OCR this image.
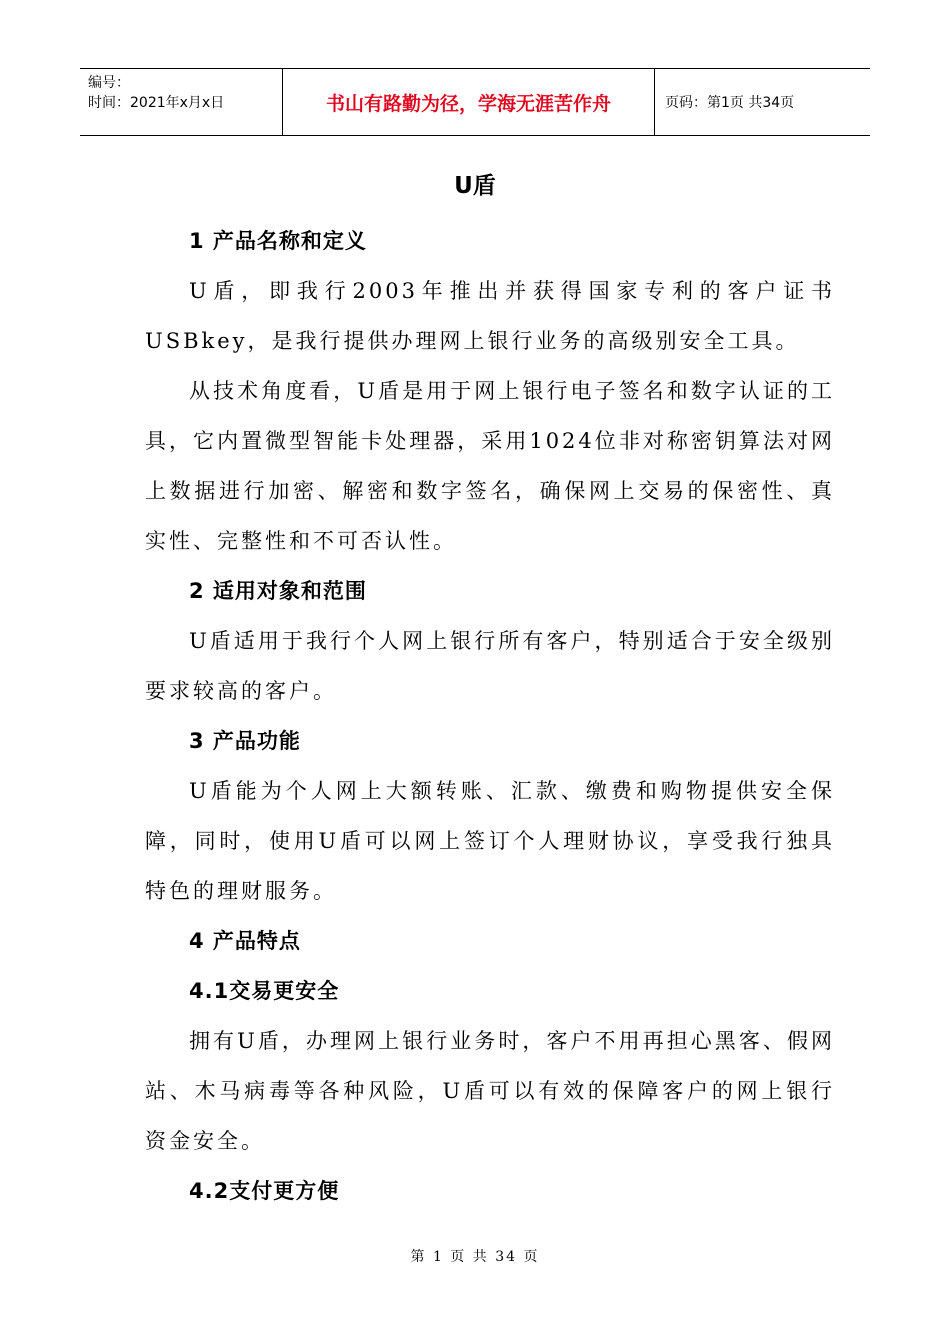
编号：
时间：2021年x月x日	书山有路勤为径，学海无涯苦作舟	页码：第1页 共34页
U盾
1 产品名称和定义
U盾，即我行2003年推出并获得国家专利的客户证书USBkey，是我行提供办理网上银行业务的高级别安全工具。
从技术角度看，U盾是用于网上银行电子签名和数字认证的工具，它内置微型智能卡处理器，采用1024位非对称密钥算法对网上数据进行加密、解密和数字签名，确保网上交易的保密性、真实性、完整性和不可否认性。
2 适用对象和范围
U盾适用于我行个人网上银行所有客户，特别适合于安全级别要求较高的客户。
3 产品功能
U盾能为个人网上大额转账、汇款、缴费和购物提供安全保障，同时，使用U盾可以网上签订个人理财协议，享受我行独具特色的理财服务。
4 产品特点
4.1交易更安全
拥有U盾，办理网上银行业务时，客户不用再担心黑客、假网站、木马病毒等各种风险，U盾可以有效的保障客户的网上银行资金安全。
4.2支付更方便
第 1 页 共 34 页
